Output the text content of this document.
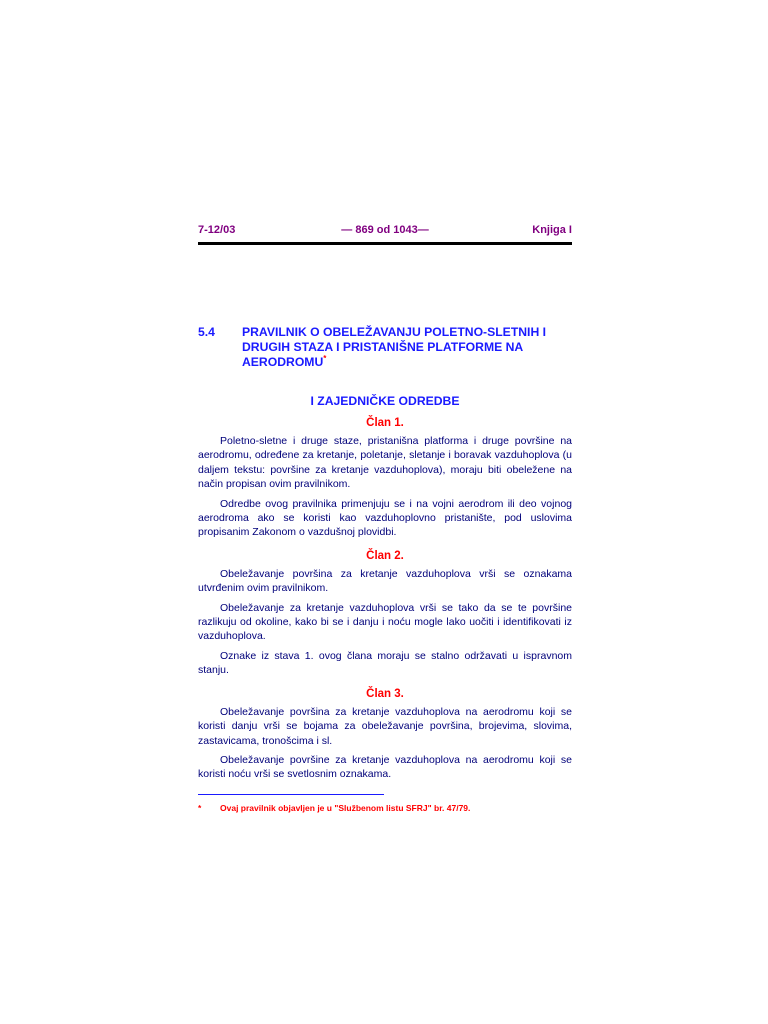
7-12/03	— 869 od 1043—	Knjiga I
5.4	PRAVILNIK O OBELEŽAVANJU POLETNO-SLETNIH I DRUGIH STAZA I PRISTANIŠNE PLATFORME NA AERODROMU*
I ZAJEDNIČKE ODREDBE
Član 1.

Poletno-sletne i druge staze, pristanišna platforma i druge površine na aerodromu, određene za kretanje, poletanje, sletanje i boravak vazduhoplova (u daljem tekstu: površine za kretanje vazduhoplova), moraju biti obeležene na način propisan ovim pravilnikom.

Odredbe ovog pravilnika primenjuju se i na vojni aerodrom ili deo vojnog aerodroma ako se koristi kao vazduhoplovno pristanište, pod uslovima propisanim Zakonom o vazdušnoj plovidbi.

Član 2.

Obeležavanje površina za kretanje vazduhoplova vrši se oznakama utvrđenim ovim pravilnikom.

Obeležavanje za kretanje vazduhoplova vrši se tako da se te površine razlikuju od okoline, kako bi se i danju i noću mogle lako uočiti i identifikovati iz vazduhoplova.

Oznake iz stava 1. ovog člana moraju se stalno održavati u ispravnom stanju.

Član 3.

Obeležavanje površina za kretanje vazduhoplova na aerodromu koji se koristi danju vrši se bojama za obeležavanje površina, brojevima, slovima, zastavicama, tronošcima i sl.

Obeležavanje površine za kretanje vazduhoplova na aerodromu koji se koristi noću vrši se svetlosnim oznakama.

*	Ovaj pravilnik objavljen je u "Službenom listu SFRJ" br. 47/79.
